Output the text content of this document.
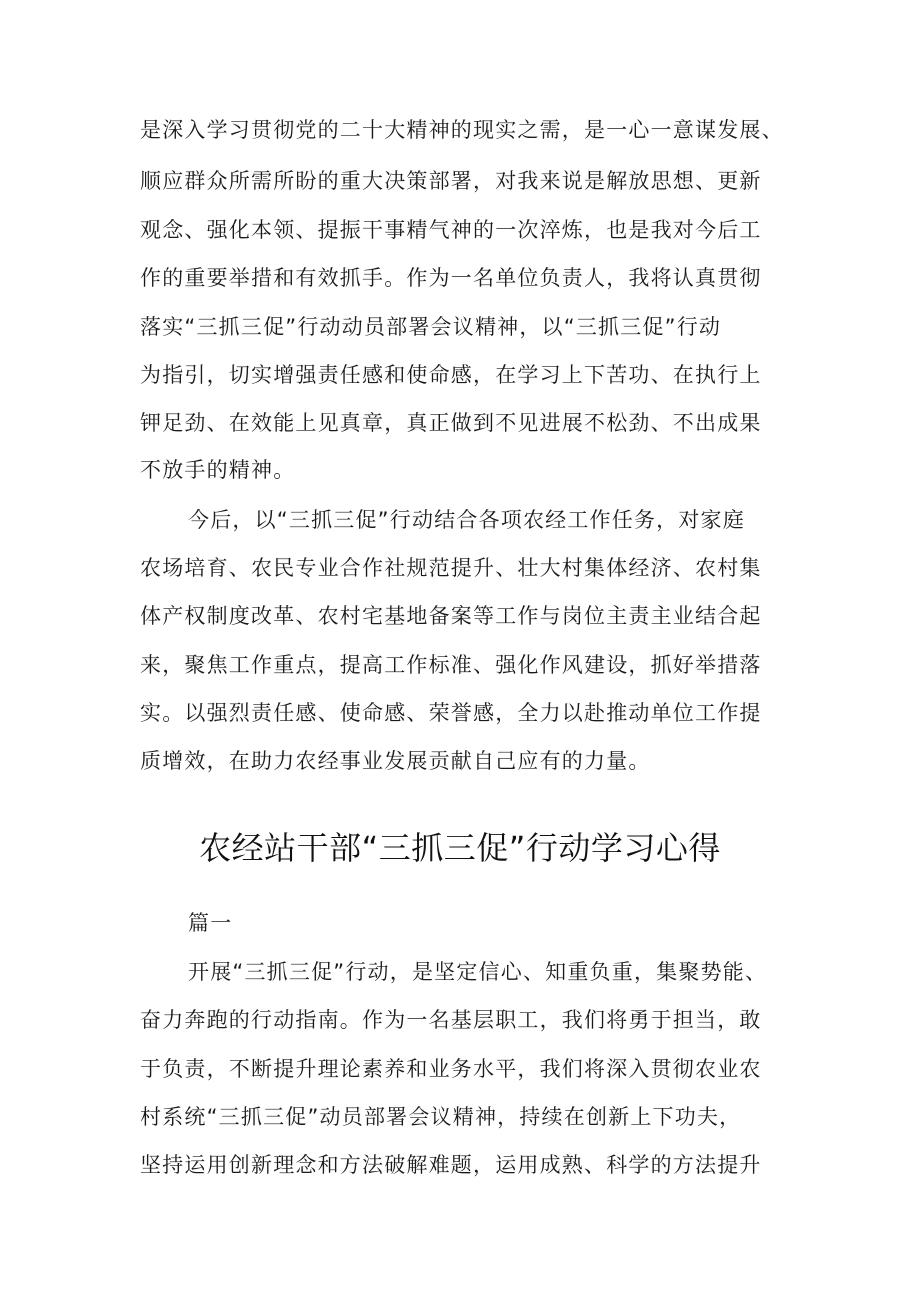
是深入学习贯彻党的二十大精神的现实之需，是一心一意谋发展、
顺应群众所需所盼的重大决策部署，对我来说是解放思想、更新
观念、强化本领、提振干事精气神的一次淬炼，也是我对今后工
作的重要举措和有效抓手。作为一名单位负责人，我将认真贯彻
落实“三抓三促”行动动员部署会议精神，以“三抓三促”行动
为指引，切实增强责任感和使命感，在学习上下苦功、在执行上
钾足劲、在效能上见真章，真正做到不见进展不松劲、不出成果
不放手的精神。
今后，以“三抓三促”行动结合各项农经工作任务，对家庭
农场培育、农民专业合作社规范提升、壮大村集体经济、农村集
体产权制度改革、农村宅基地备案等工作与岗位主责主业结合起
来，聚焦工作重点，提高工作标准、强化作风建设，抓好举措落
实。以强烈责任感、使命感、荣誉感，全力以赴推动单位工作提
质增效，在助力农经事业发展贡献自己应有的力量。
农经站干部“三抓三促”行动学习心得
篇一
开展“三抓三促”行动，是坚定信心、知重负重，集聚势能、
奋力奔跑的行动指南。作为一名基层职工，我们将勇于担当，敢
于负责，不断提升理论素养和业务水平，我们将深入贯彻农业农
村系统“三抓三促”动员部署会议精神，持续在创新上下功夫，
坚持运用创新理念和方法破解难题，运用成熟、科学的方法提升
